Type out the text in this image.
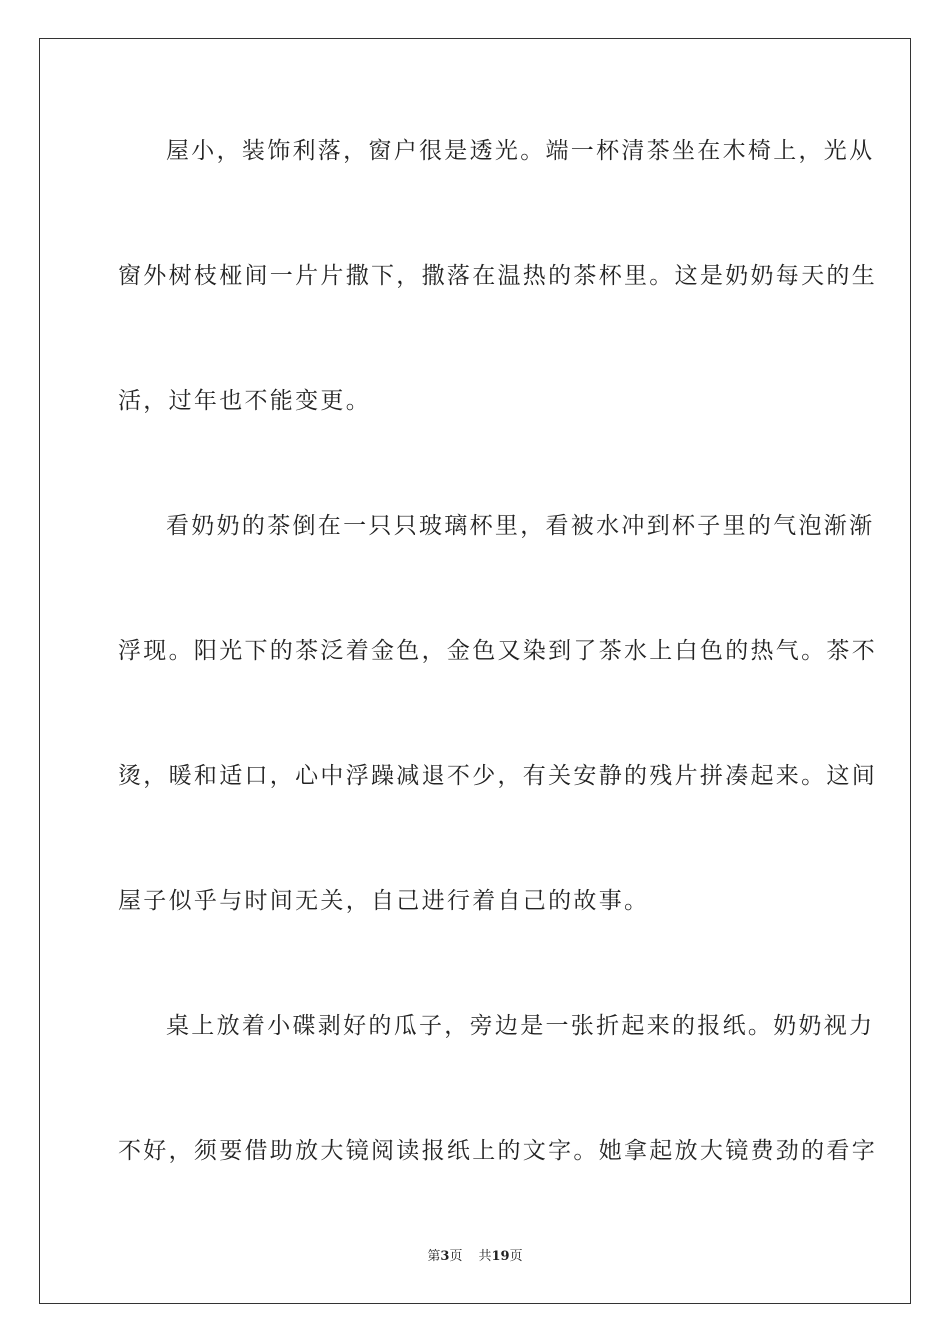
屋小，装饰利落，窗户很是透光。端一杯清茶坐在木椅上，光从
窗外树枝桠间一片片撒下，撒落在温热的茶杯里。这是奶奶每天的生
活，过年也不能变更。
看奶奶的茶倒在一只只玻璃杯里，看被水冲到杯子里的气泡渐渐
浮现。阳光下的茶泛着金色，金色又染到了茶水上白色的热气。茶不
烫，暖和适口，心中浮躁减退不少，有关安静的残片拼凑起来。这间
屋子似乎与时间无关，自己进行着自己的故事。
桌上放着小碟剥好的瓜子，旁边是一张折起来的报纸。奶奶视力
不好，须要借助放大镜阅读报纸上的文字。她拿起放大镜费劲的看字
第3页 共19页
